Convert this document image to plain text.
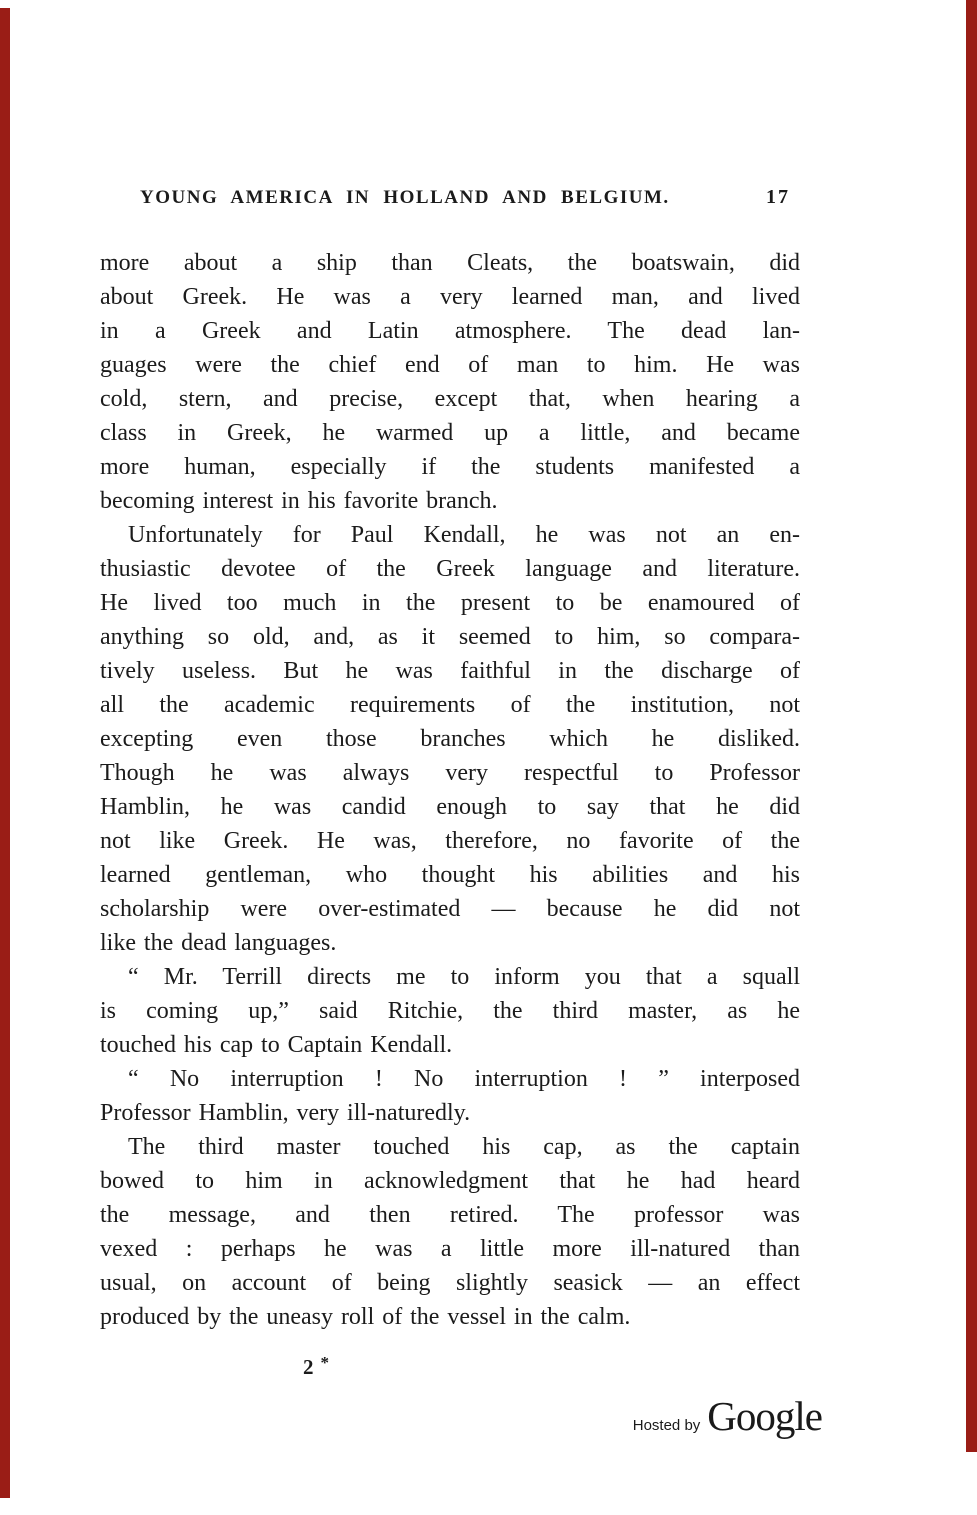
YOUNG AMERICA IN HOLLAND AND BELGIUM.	17
more about a ship than Cleats, the boatswain, did
about Greek. He was a very learned man, and lived
in a Greek and Latin atmosphere. The dead lan-
guages were the chief end of man to him. He was
cold, stern, and precise, except that, when hearing a
class in Greek, he warmed up a little, and became
more human, especially if the students manifested a
becoming interest in his favorite branch.
Unfortunately for Paul Kendall, he was not an en-
thusiastic devotee of the Greek language and literature.
He lived too much in the present to be enamoured of
anything so old, and, as it seemed to him, so compara-
tively useless. But he was faithful in the discharge of
all the academic requirements of the institution, not
excepting even those branches which he disliked.
Though he was always very respectful to Professor
Hamblin, he was candid enough to say that he did
not like Greek. He was, therefore, no favorite of the
learned gentleman, who thought his abilities and his
scholarship were over-estimated — because he did not
like the dead languages.
“ Mr. Terrill directs me to inform you that a squall
is coming up,” said Ritchie, the third master, as he
touched his cap to Captain Kendall.
“ No interruption ! No interruption ! ” interposed
Professor Hamblin, very ill-naturedly.
The third master touched his cap, as the captain
bowed to him in acknowledgment that he had heard
the message, and then retired. The professor was
vexed : perhaps he was a little more ill-natured than
usual, on account of being slightly seasick — an effect
produced by the uneasy roll of the vessel in the calm.
2 *
Hosted by Google
